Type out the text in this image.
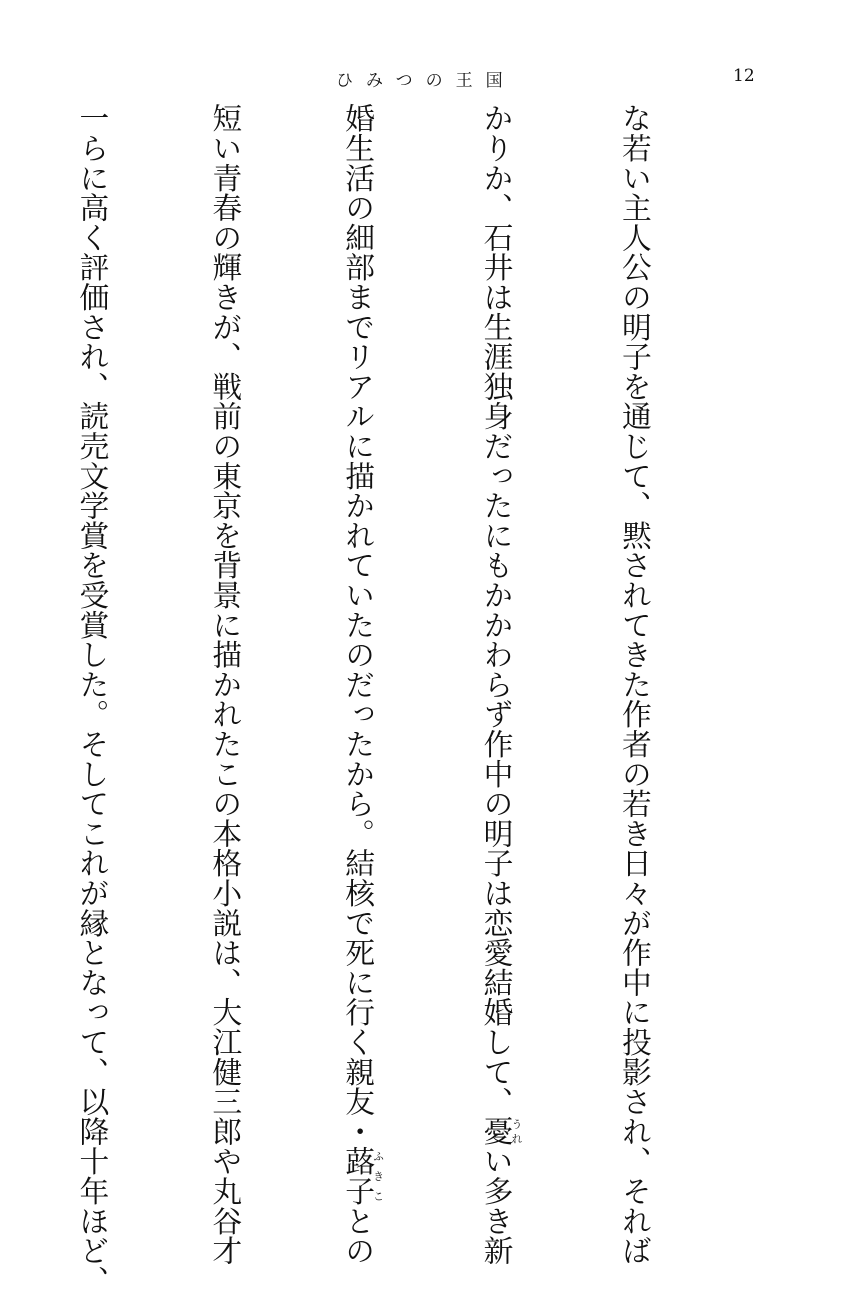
ひみつの王国	12

な若い主人公の明子を通じて、黙されてきた作者の若き日々が作中に投影され、それば

かりか、石井は生涯独身だったにもかかわらず作中の明子は恋愛結婚して、憂うれい多き新

婚生活の細部までリアルに描かれていたのだったから。結核で死に行く親友・蕗子ふきことの

短い青春の輝きが、戦前の東京を背景に描かれたこの本格小説は、大江健三郎や丸谷才

一らに高く評価され、読売文学賞を受賞した。そしてこれが縁となって、以降十年ほど、
